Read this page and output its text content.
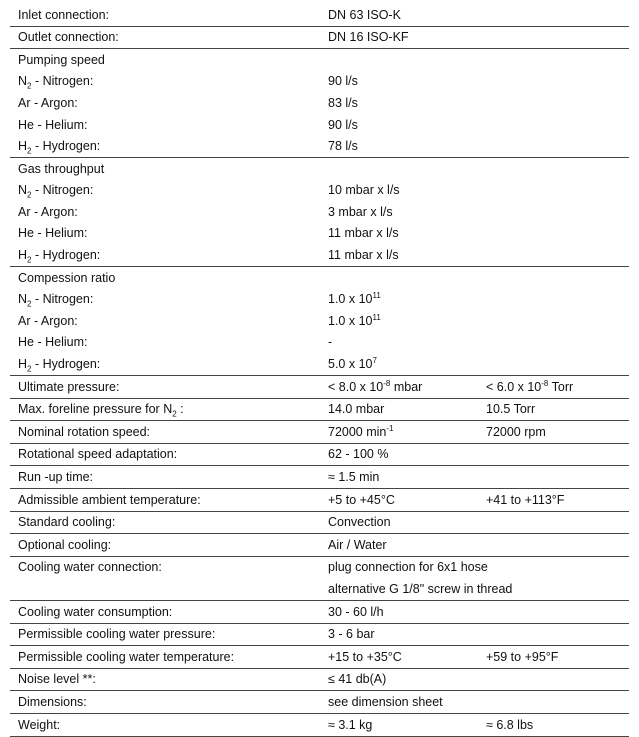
Inlet connection:	DN 63 ISO-K	
Outlet connection:	DN 16 ISO-KF	
Pumping speed		
$N_2$ - Nitrogen:	90 l/s	
Ar - Argon:	83 l/s	
He - Helium:	90 l/s	
$H_2$ - Hydrogen:	78 l/s	
Gas throughput		
$N_2$ - Nitrogen:	10 mbar x l/s	
Ar - Argon:	3 mbar x l/s	
He - Helium:	11 mbar x l/s	
$H_2$ - Hydrogen:	11 mbar x l/s	
Compession ratio		
$N_2$ - Nitrogen:	1.0 x $10^{11}$	
Ar - Argon:	1.0 x $10^{11}$	
He - Helium:	-	
$H_2$ - Hydrogen:	5.0 x $10^7$	
Ultimate pressure:	< 8.0 x $10^{-8}$ mbar	< 6.0 x $10^{-8}$ Torr
Max. foreline pressure for $N_2$ :	14.0 mbar	10.5 Torr
Nominal rotation speed:	72000 $\min^{-1}$	72000 rpm
Rotational speed adaptation:	62 - 100 %	
Run -up time:	≈ 1.5 min	
Admissible ambient temperature:	+5 to +45°C	+41 to +113°F
Standard cooling:	Convection	
Optional cooling:	Air / Water	
Cooling water connection:	plug connection for 6x1 hose	
	alternative G 1/8" screw in thread	
Cooling water consumption:	30 - 60 l/h	
Permissible cooling water pressure:	3 - 6 bar	
Permissible cooling water temperature:	+15 to +35°C	+59 to +95°F
Noise level **:	≤ 41 db(A)	
Dimensions:	see dimension sheet	
Weight:	≈ 3.1 kg	≈ 6.8 lbs
